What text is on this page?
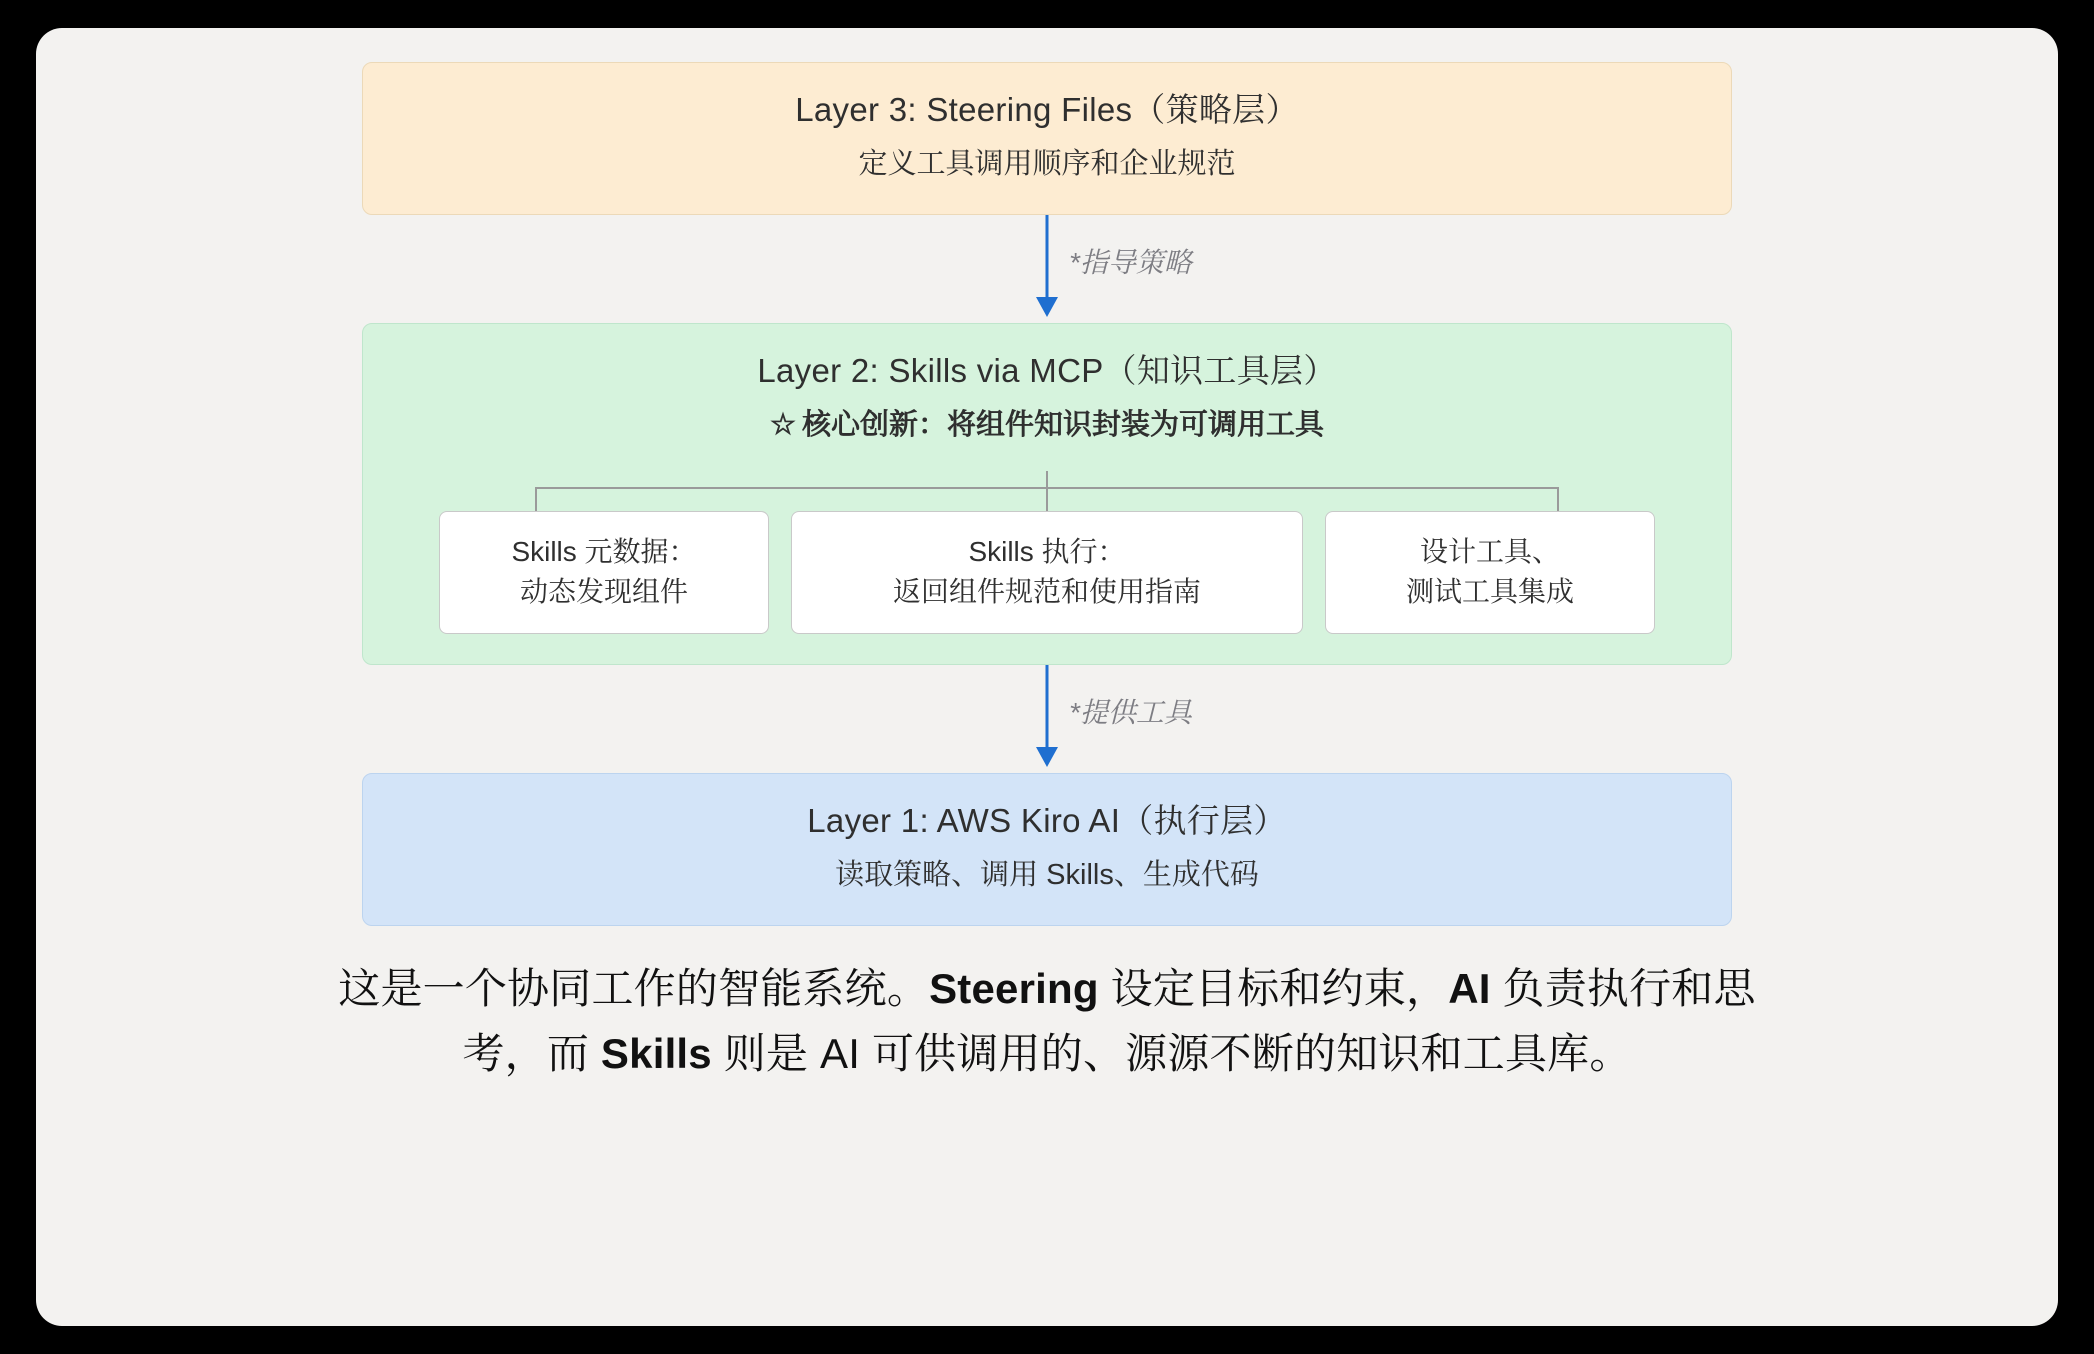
Layer 3: Steering Files（策略层）
定义工具调用顺序和企业规范
*指导策略
Layer 2: Skills via MCP（知识工具层）
☆ 核心创新：将组件知识封装为可调用工具
Skills 元数据：
动态发现组件
Skills 执行：
返回组件规范和使用指南
设计工具、
测试工具集成
*提供工具
Layer 1: AWS Kiro AI（执行层）
读取策略、调用 Skills、生成代码
这是一个协同工作的智能系统。Steering 设定目标和约束，AI 负责执行和思考，而 Skills 则是 AI 可供调用的、源源不断的知识和工具库。
